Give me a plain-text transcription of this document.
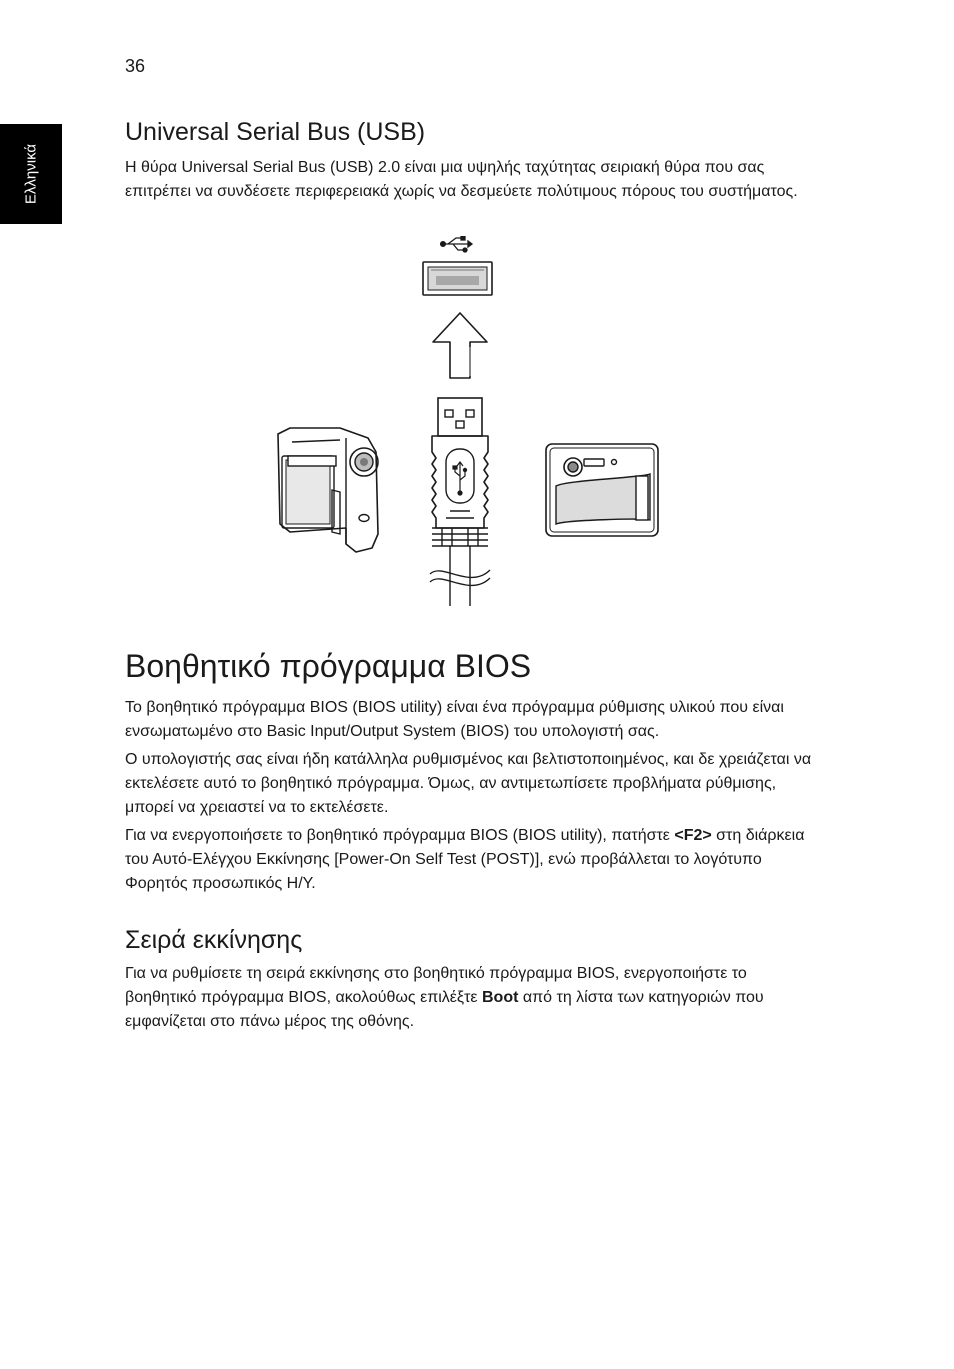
36
Ελληνικά
Universal Serial Bus (USB)

Η θύρα Universal Serial Bus (USB) 2.0 είναι μια υψηλής ταχύτητας σειριακή θύρα που σας επιτρέπει να συνδέσετε περιφερειακά χωρίς να δεσμεύετε πολύτιμους πόρους του συστήματος.

Βοηθητικό πρόγραμμα BIOS

Το βοηθητικό πρόγραμμα BIOS (BIOS utility) είναι ένα πρόγραμμα ρύθμισης υλικού που είναι ενσωματωμένο στο Basic Input/Output System (BIOS) του υπολογιστή σας.

Ο υπολογιστής σας είναι ήδη κατάλληλα ρυθμισμένος και βελτιστοποιημένος, και δε χρειάζεται να εκτελέσετε αυτό το βοηθητικό πρόγραμμα. Όμως, αν αντιμετωπίσετε προβλήματα ρύθμισης, μπορεί να χρειαστεί να το εκτελέσετε.

Για να ενεργοποιήσετε το βοηθητικό πρόγραμμα BIOS (BIOS utility), πατήστε <F2> στη διάρκεια του Αυτό-Ελέγχου Εκκίνησης [Power-On Self Test (POST)], ενώ προβάλλεται το λογότυπο Φορητός προσωπικός Η/Υ.

Σειρά εκκίνησης

Για να ρυθμίσετε τη σειρά εκκίνησης στο βοηθητικό πρόγραμμα BIOS, ενεργοποιήστε το βοηθητικό πρόγραμμα BIOS, ακολούθως επιλέξτε Boot από τη λίστα των κατηγοριών που εμφανίζεται στο πάνω μέρος της οθόνης.
